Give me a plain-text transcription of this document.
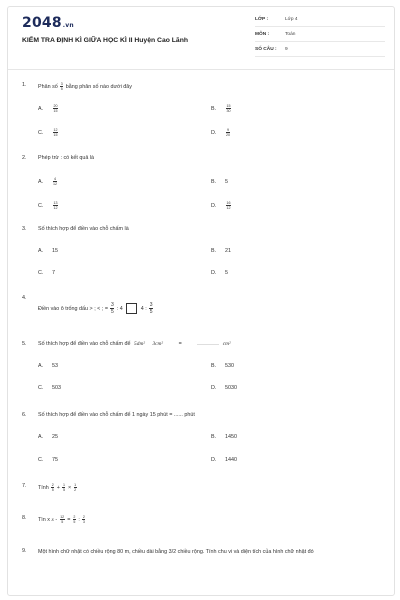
2048.vn
KIỂM TRA ĐỊNH KÌ GIỮA HỌC KÌ II Huyện Cao Lãnh
LỚP :	Lớp 4
MÔN :	Toán
SỐ CÂU : 9
1. Phân số $\frac{3}{5}$ bằng phân số nào dưới đây
A.	$\frac{20}{15}$	B.	$\frac{15}{30}$
C.	$\frac{12}{15}$	D.	$\frac{9}{20}$
2. Phép trừ : có kết quả là
A.	$\frac{4}{12}$	B. 5
C.	$\frac{13}{12}$	D.	$\frac{16}{12}$
3. Số thích hợp để điền vào chỗ chấm là
A. 15	B. 21
C. 7	D. 5
4.
Điền vào ô trống dấu > ; < ; = $\frac{3}{5}$ : 4	4 : $\frac{3}{5}$
5. Số thích hợp để điền vào chỗ chấm để 5dm² 3cm²	=	........... cm²
A. 53	B. 530
C. 503	D. 5030
6. Số thích hợp để điền vào chỗ chấm để 1 ngày 15 phút = ...... phút
A. 25	B. 1450
C. 75	D. 1440
7. Tính $\frac{2}{5} + \frac{1}{5} \times \frac{1}{2}$
8. Tìn x $x - \frac{12}{5} = \frac{2}{5}$ : $\frac{2}{3}$
9. Một hình chữ nhật có chiều rộng 80 m, chiều dài bằng 3/2 chiều rộng. Tính chu vi và diện tích của hình chữ nhật đó
